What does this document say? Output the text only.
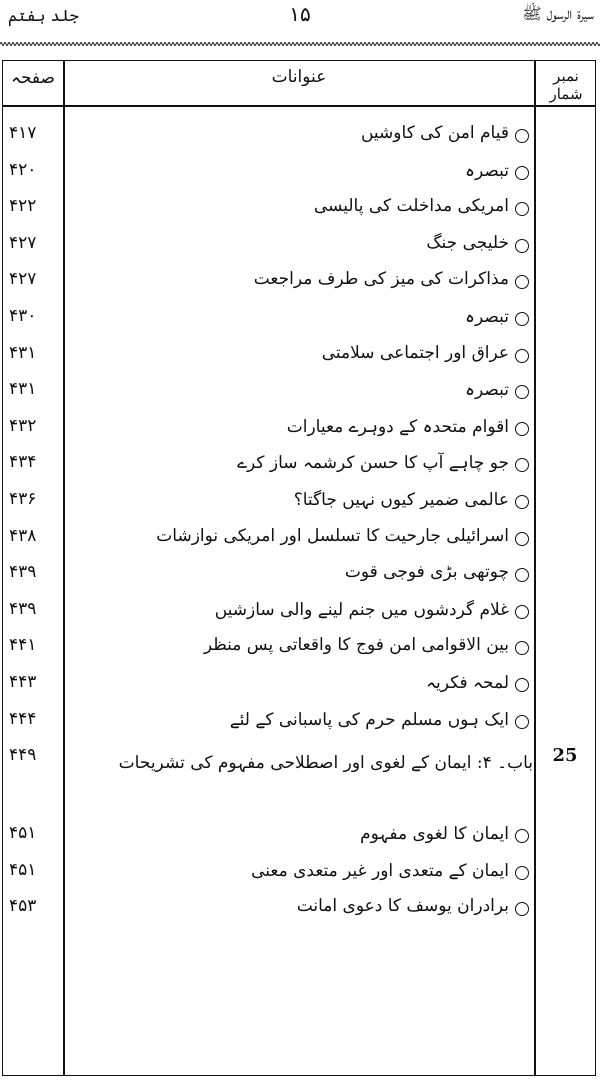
جلد ہفتم	۱۵	سیرۃ الرسول ﷺ
صفحہ	عنوانات	نمبر شمار
۴۱۷	قیام امن کی کاوشیں
۴۲۰	تبصرہ
۴۲۲	امریکی مداخلت کی پالیسی
۴۲۷	خلیجی جنگ
۴۲۷	مذاکرات کی میز کی طرف مراجعت
۴۳۰	تبصرہ
۴۳۱	عراق اور اجتماعی سلامتی
۴۳۱	تبصرہ
۴۳۲	اقوام متحدہ کے دوہرے معیارات
۴۳۴	جو چاہے آپ کا حسن کرشمہ ساز کرے
۴۳۶	عالمی ضمیر کیوں نہیں جاگتا؟
۴۳۸	اسرائیلی جارحیت کا تسلسل اور امریکی نوازشات
۴۳۹	چوتھی بڑی فوجی قوت
۴۳۹	غلام گردشوں میں جنم لینے والی سازشیں
۴۴۱	بین الاقوامی امن فوج کا واقعاتی پس منظر
۴۴۳	لمحہ فکریہ
۴۴۴	ایک ہوں مسلم حرم کی پاسبانی کے لئے
۴۴۹	باب۔ ۴: ایمان کے لغوی اور اصطلاحی مفہوم کی تشریحات	25
۴۵۱	ایمان کا لغوی مفہوم
۴۵۱	ایمان کے متعدی اور غیر متعدی معنی
۴۵۳	برادران یوسف کا دعوی امانت
